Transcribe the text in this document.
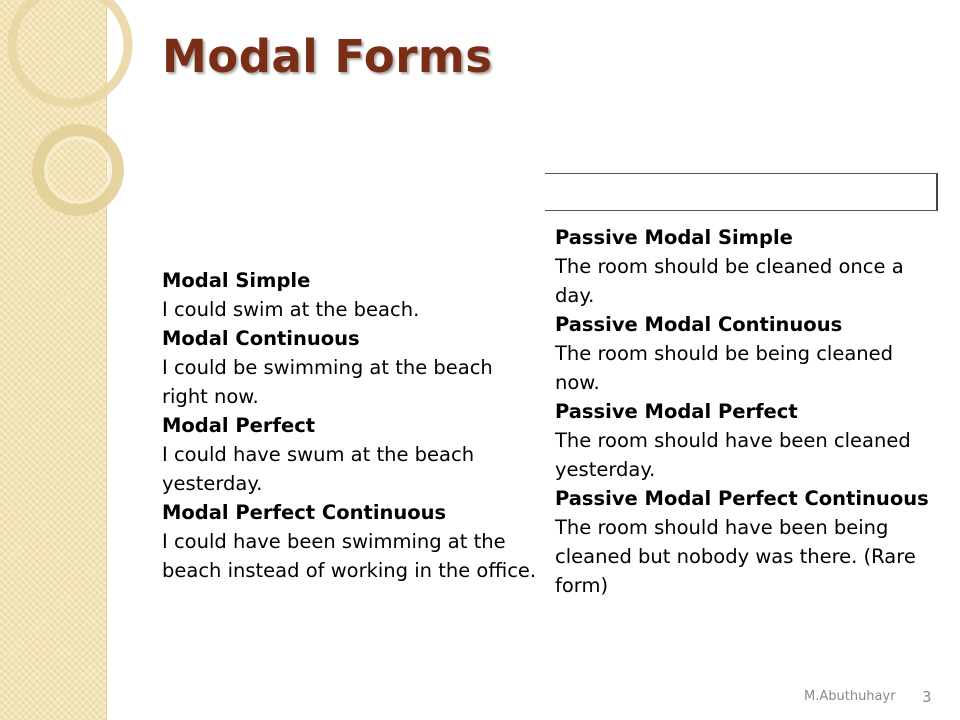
Modal Forms
Modal Simple
I could swim at the beach.
Modal Continuous
I could be swimming at the beach right now.
Modal Perfect
I could have swum at the beach yesterday.
Modal Perfect Continuous
I could have been swimming at the beach instead of working in the office.
Passive Modal Simple
The room should be cleaned once a day.
Passive Modal Continuous
The room should be being cleaned now.
Passive Modal Perfect
The room should have been cleaned yesterday.
Passive Modal Perfect Continuous
The room should have been being cleaned but nobody was there. (Rare form)
M.Abuthuhayr 3
